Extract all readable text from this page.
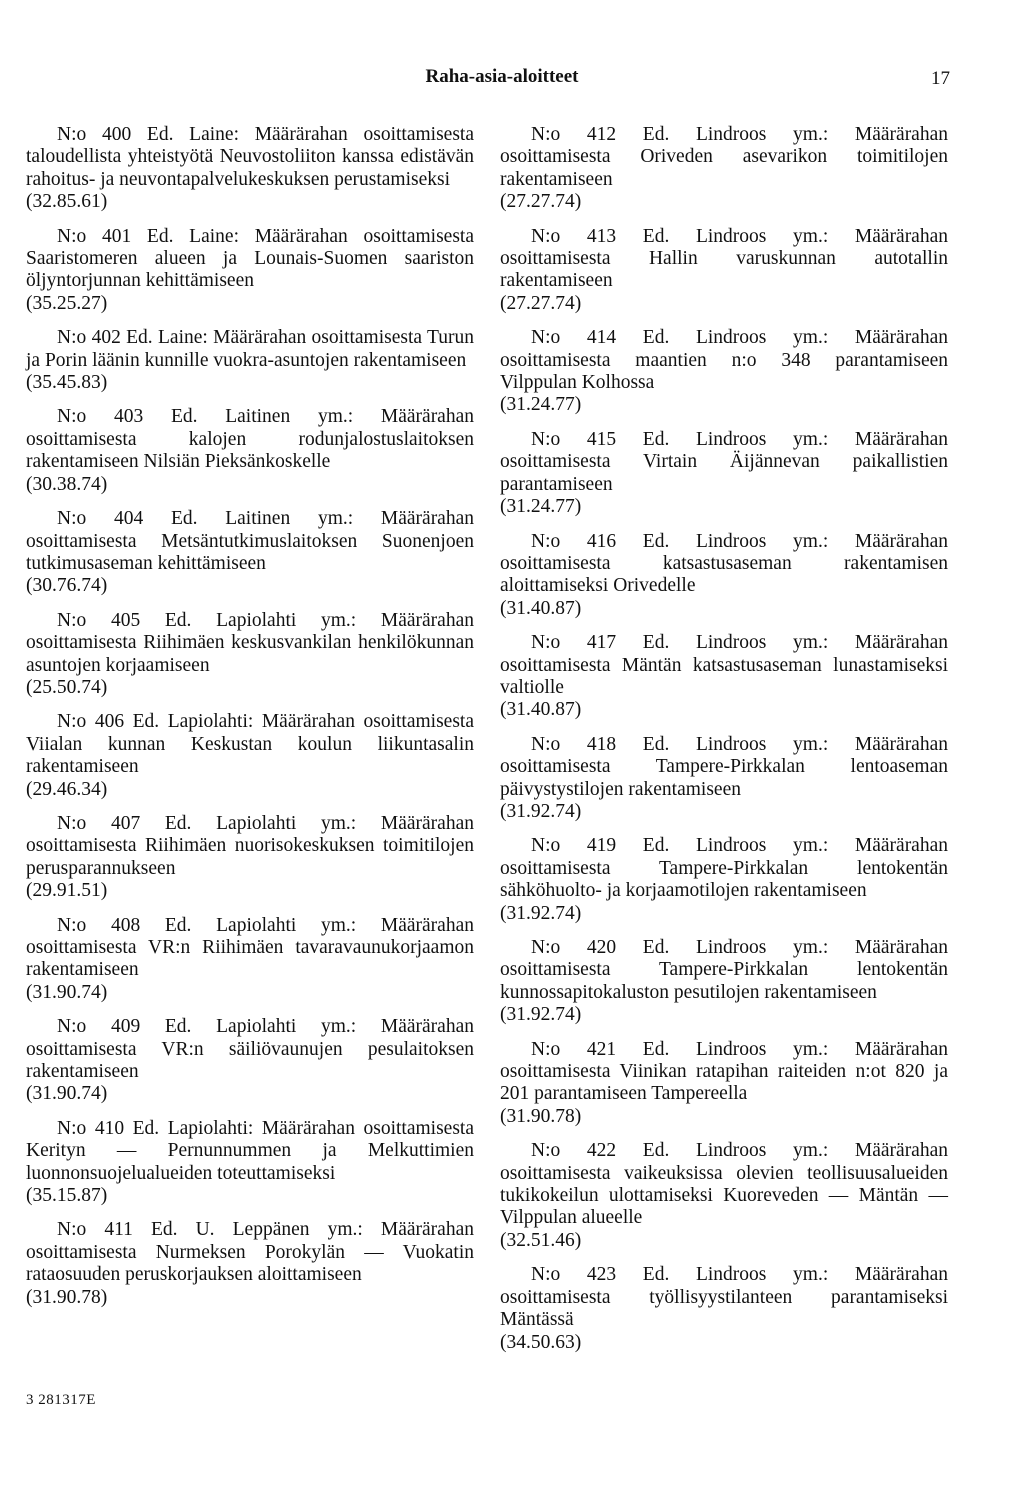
Raha-asia-aloitteet	17
N:o 400 Ed. Laine: Määrärahan osoittamisesta taloudellista yhteistyötä Neuvostoliiton kanssa edistävän rahoitus- ja neuvontapalvelukeskuksen perustamiseksi
(32.85.61)
N:o 401 Ed. Laine: Määrärahan osoittamisesta Saaristomeren alueen ja Lounais-Suomen saariston öljyntorjunnan kehittämiseen
(35.25.27)
N:o 402 Ed. Laine: Määrärahan osoittamisesta Turun ja Porin läänin kunnille vuokra-asuntojen rakentamiseen
(35.45.83)
N:o 403 Ed. Laitinen ym.: Määrärahan osoittamisesta kalojen rodunjalostuslaitoksen rakentamiseen Nilsiän Pieksänkoskelle
(30.38.74)
N:o 404 Ed. Laitinen ym.: Määrärahan osoittamisesta Metsäntutkimuslaitoksen Suonenjoen tutkimusaseman kehittämiseen
(30.76.74)
N:o 405 Ed. Lapiolahti ym.: Määrärahan osoittamisesta Riihimäen keskusvankilan henkilökunnan asuntojen korjaamiseen
(25.50.74)
N:o 406 Ed. Lapiolahti: Määrärahan osoittamisesta Viialan kunnan Keskustan koulun liikuntasalin rakentamiseen
(29.46.34)
N:o 407 Ed. Lapiolahti ym.: Määrärahan osoittamisesta Riihimäen nuorisokeskuksen toimitilojen perusparannukseen
(29.91.51)
N:o 408 Ed. Lapiolahti ym.: Määrärahan osoittamisesta VR:n Riihimäen tavaravaunukorjaamon rakentamiseen
(31.90.74)
N:o 409 Ed. Lapiolahti ym.: Määrärahan osoittamisesta VR:n säiliövaunujen pesulaitoksen rakentamiseen
(31.90.74)
N:o 410 Ed. Lapiolahti: Määrärahan osoittamisesta Kerityn — Pernunnummen ja Melkuttimien luonnonsuojelualueiden toteuttamiseksi
(35.15.87)
N:o 411 Ed. U. Leppänen ym.: Määrärahan osoittamisesta Nurmeksen Porokylän — Vuokatin rataosuuden peruskorjauksen aloittamiseen
(31.90.78)
N:o 412 Ed. Lindroos ym.: Määrärahan osoittamisesta Oriveden asevarikon toimitilojen rakentamiseen
(27.27.74)
N:o 413 Ed. Lindroos ym.: Määrärahan osoittamisesta Hallin varuskunnan autotallin rakentamiseen
(27.27.74)
N:o 414 Ed. Lindroos ym.: Määrärahan osoittamisesta maantien n:o 348 parantamiseen Vilppulan Kolhossa
(31.24.77)
N:o 415 Ed. Lindroos ym.: Määrärahan osoittamisesta Virtain Äijännevan paikallistien parantamiseen
(31.24.77)
N:o 416 Ed. Lindroos ym.: Määrärahan osoittamisesta katsastusaseman rakentamisen aloittamiseksi Orivedelle
(31.40.87)
N:o 417 Ed. Lindroos ym.: Määrärahan osoittamisesta Mäntän katsastusaseman lunastamiseksi valtiolle
(31.40.87)
N:o 418 Ed. Lindroos ym.: Määrärahan osoittamisesta Tampere-Pirkkalan lentoaseman päivystystilojen rakentamiseen
(31.92.74)
N:o 419 Ed. Lindroos ym.: Määrärahan osoittamisesta Tampere-Pirkkalan lentokentän sähköhuolto- ja korjaamotilojen rakentamiseen
(31.92.74)
N:o 420 Ed. Lindroos ym.: Määrärahan osoittamisesta Tampere-Pirkkalan lentokentän kunnossapitokaluston pesutilojen rakentamiseen
(31.92.74)
N:o 421 Ed. Lindroos ym.: Määrärahan osoittamisesta Viinikan ratapihan raiteiden n:ot 820 ja 201 parantamiseen Tampereella
(31.90.78)
N:o 422 Ed. Lindroos ym.: Määrärahan osoittamisesta vaikeuksissa olevien teollisuusalueiden tukikokeilun ulottamiseksi Kuoreveden — Mäntän — Vilppulan alueelle
(32.51.46)
N:o 423 Ed. Lindroos ym.: Määrärahan osoittamisesta työllisyystilanteen parantamiseksi Mäntässä
(34.50.63)
3 281317E
